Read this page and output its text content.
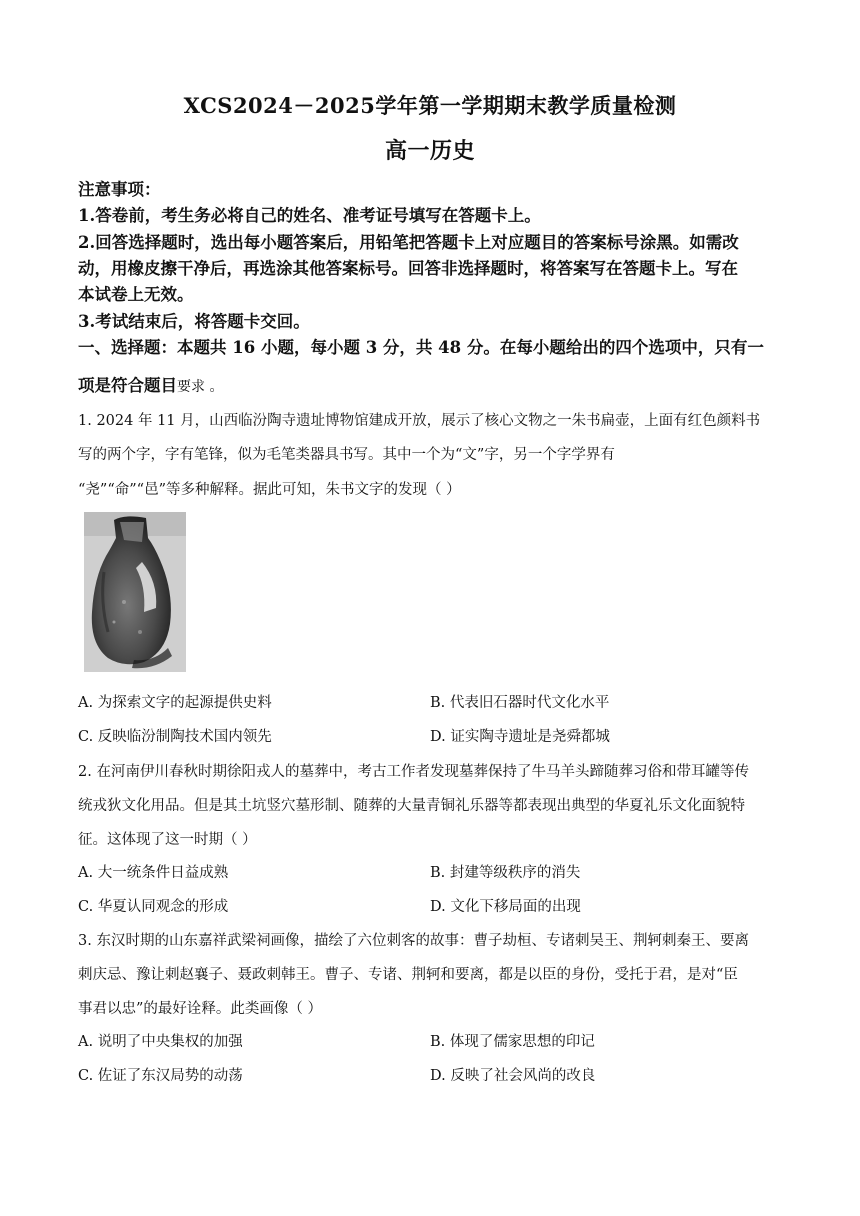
XCS2024－2025学年第一学期期末教学质量检测
高一历史
注意事项：
1.答卷前，考生务必将自己的姓名、准考证号填写在答题卡上。
2.回答选择题时，选出每小题答案后，用铅笔把答题卡上对应题目的答案标号涂黑。如需改
动，用橡皮擦干净后，再选涂其他答案标号。回答非选择题时，将答案写在答题卡上。写在
本试卷上无效。
3.考试结束后，将答题卡交回。
一、选择题：本题共 16 小题，每小题 3 分，共 48 分。在每小题给出的四个选项中，只有一
项是符合题目要求 。
1. 2024 年 11 月，山西临汾陶寺遗址博物馆建成开放，展示了核心文物之一朱书扁壶，上面有红色颜料书
写的两个字，字有笔锋，似为毛笔类器具书写。其中一个为“文”字，另一个字学界有
“尧”“命”“邑”等多种解释。据此可知，朱书文字的发现（ ）
A. 为探索文字的起源提供史料	B. 代表旧石器时代文化水平
C. 反映临汾制陶技术国内领先	D. 证实陶寺遗址是尧舜都城
2. 在河南伊川春秋时期徐阳戎人的墓葬中，考古工作者发现墓葬保持了牛马羊头蹄随葬习俗和带耳罐等传
统戎狄文化用品。但是其土坑竖穴墓形制、随葬的大量青铜礼乐器等都表现出典型的华夏礼乐文化面貌特
征。这体现了这一时期（ ）
A. 大一统条件日益成熟	B. 封建等级秩序的消失
C. 华夏认同观念的形成	D. 文化下移局面的出现
3. 东汉时期的山东嘉祥武梁祠画像，描绘了六位刺客的故事：曹子劫桓、专诸刺吴王、荆轲刺秦王、要离
刺庆忌、豫让刺赵襄子、聂政刺韩王。曹子、专诸、荆轲和要离，都是以臣的身份，受托于君，是对“臣
事君以忠”的最好诠释。此类画像（ ）
A. 说明了中央集权的加强	B. 体现了儒家思想的印记
C. 佐证了东汉局势的动荡	D. 反映了社会风尚的改良
